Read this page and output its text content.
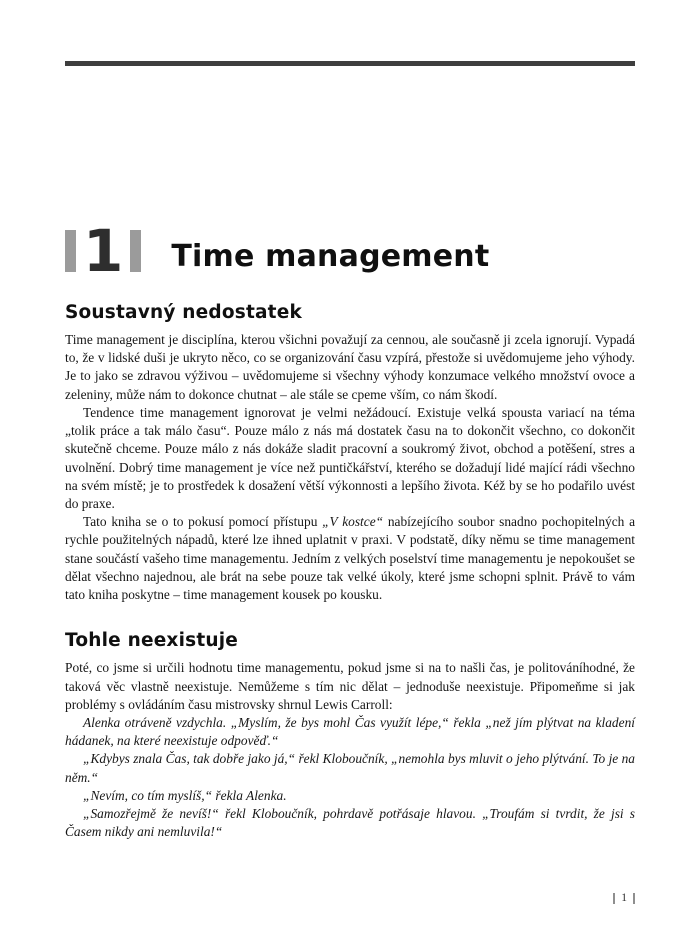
1 Time management
Soustavný nedostatek

Time management je disciplína, kterou všichni považují za cennou, ale současně ji zcela ignorují. Vypadá to, že v lidské duši je ukryto něco, co se organizování času vzpírá, přestože si uvědomujeme jeho výhody. Je to jako se zdravou výživou – uvědomujeme si všechny výhody konzumace velkého množství ovoce a zeleniny, může nám to dokonce chutnat – ale stále se cpeme vším, co nám škodí.

Tendence time management ignorovat je velmi nežádoucí. Existuje velká spousta variací na téma „tolik práce a tak málo času“. Pouze málo z nás má dostatek času na to dokončit všechno, co dokončit skutečně chceme. Pouze málo z nás dokáže sladit pracovní a soukromý život, obchod a potěšení, stres a uvolnění. Dobrý time management je více než puntičkářství, kterého se dožadují lidé mající rádi všechno na svém místě; je to prostředek k dosažení větší výkonnosti a lepšího života. Kéž by se ho podařilo uvést do praxe.

Tato kniha se o to pokusí pomocí přístupu „V kostce“ nabízejícího soubor snadno pochopitelných a rychle použitelných nápadů, které lze ihned uplatnit v praxi. V podstatě, díky němu se time management stane součástí vašeho time managementu. Jedním z velkých poselství time managementu je nepokoušet se dělat všechno najednou, ale brát na sebe pouze tak velké úkoly, které jsme schopni splnit. Právě to vám tato kniha poskytne – time management kousek po kousku.

Tohle neexistuje

Poté, co jsme si určili hodnotu time managementu, pokud jsme si na to našli čas, je politováníhodné, že taková věc vlastně neexistuje. Nemůžeme s tím nic dělat – jednoduše neexistuje. Připomeňme si jak problémy s ovládáním času mistrovsky shrnul Lewis Carroll:

Alenka otráveně vzdychla. „Myslím, že bys mohl Čas využít lépe,“ řekla „než jím plýtvat na kladení hádanek, na které neexistuje odpověď.“

„Kdybys znala Čas, tak dobře jako já,“ řekl Kloboučník, „nemohla bys mluvit o jeho plýtvání. To je na něm.“

„Nevím, co tím myslíš,“ řekla Alenka.

„Samozřejmě že nevíš!“ řekl Kloboučník, pohrdavě potřásaje hlavou. „Troufám si tvrdit, že jsi s Časem nikdy ani nemluvila!“

1
